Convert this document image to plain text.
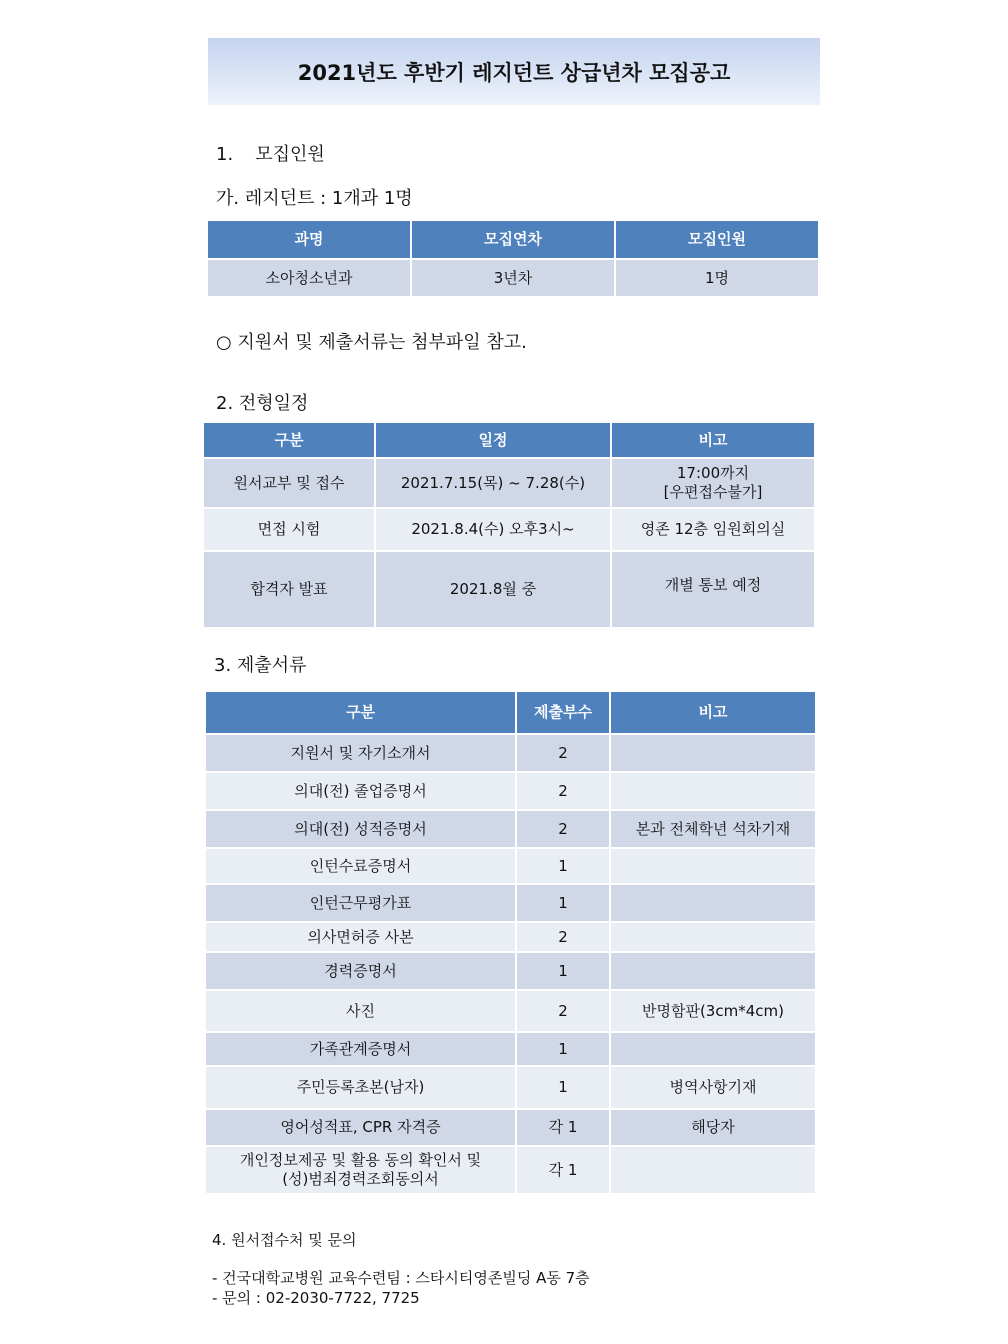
2021년도 후반기 레지던트 상급년차 모집공고
1. 모집인원
가. 레지던트 : 1개과 1명
과명	모집연차	모집인원
소아청소년과	3년차	1명
○ 지원서 및 제출서류는 첨부파일 참고.
2. 전형일정
구분	일정	비고
원서교부 및 접수	2021.7.15(목) ~ 7.28(수)	17:00까지
[우편접수불가]

면접 시험	2021.8.4(수) 오후3시~	영존 12층 임원회의실
합격자 발표	2021.8월 중	개별 통보 예정
3. 제출서류
구분	제출부수	비고
지원서 및 자기소개서	2	
의대(전) 졸업증명서	2	
의대(전) 성적증명서	2	본과 전체학년 석차기재
인턴수료증명서	1	
인턴근무평가표	1	
의사면허증 사본	2	
경력증명서	1	
사진	2	반명함판(3cm*4cm)
가족관계증명서	1	
주민등록초본(남자)	1	병역사항기재
영어성적표, CPR 자격증	각 1	해당자

개인정보제공 및 활용 동의 확인서 및
(성)범죄경력조회동의서	각 1	
4. 원서접수처 및 문의
- 건국대학교병원 교육수련팀 : 스타시티영존빌딩 A동 7층
- 문의 : 02-2030-7722, 7725
